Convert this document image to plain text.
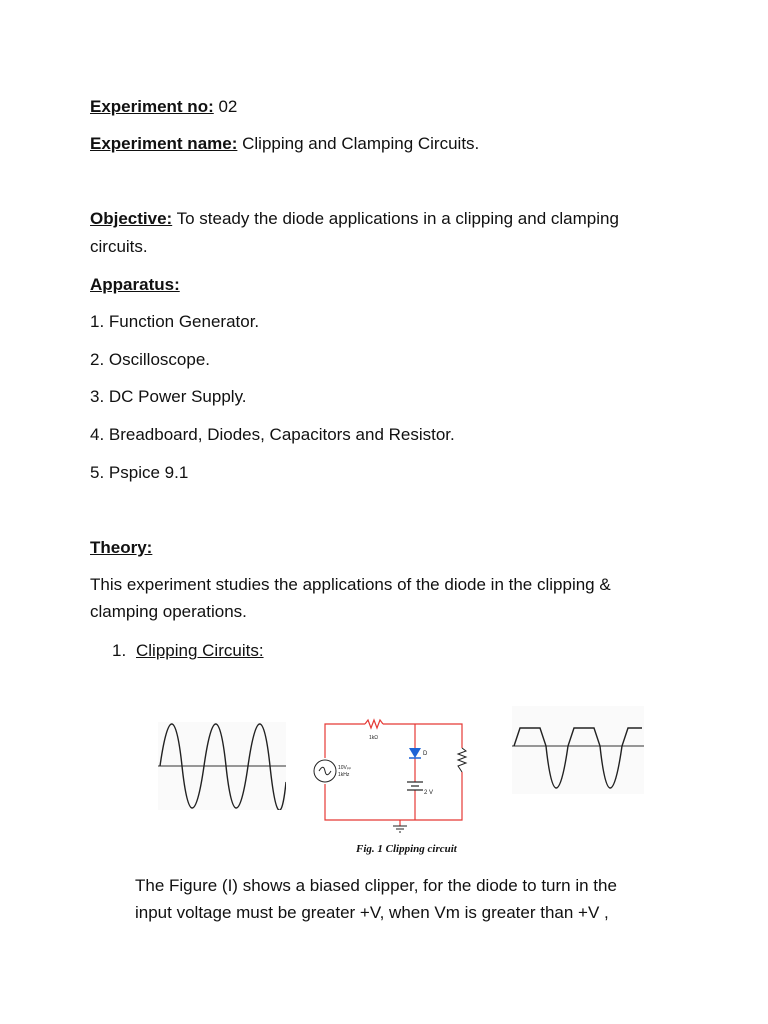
Experiment no: 02
Experiment name: Clipping and Clamping Circuits.
Objective: To steady the diode applications in a clipping and clamping
circuits.
Apparatus:
1. Function Generator.
2. Oscilloscope.
3. DC Power Supply.
4. Breadboard, Diodes, Capacitors and Resistor.
5. Pspice 9.1
Theory:
This experiment studies the applications of the diode in the clipping &
clamping operations.
1. Clipping Circuits:
1kΩ
10Vₚₚ
1kHz
D
2 V
Fig. 1 Clipping circuit
The Figure (I) shows a biased clipper, for the diode to turn in the
input voltage must be greater +V, when Vm is greater than +V ,
